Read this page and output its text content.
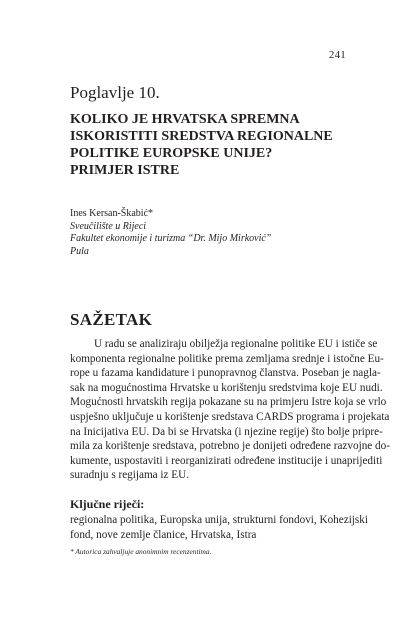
241
Poglavlje 10.
KOLIKO JE HRVATSKA SPREMNA
ISKORISTITI SREDSTVA REGIONALNE
POLITIKE EUROPSKE UNIJE?
PRIMJER ISTRE
Ines Kersan-Škabić*
Sveučilište u Rijeci
Fakultet ekonomije i turizma “Dr. Mijo Mirković”
Pula
SAŽETAK
U radu se analiziraju obilježja regionalne politike EU i ističe se
komponenta regionalne politike prema zemljama srednje i istočne Eu-
rope u fazama kandidature i punopravnog članstva. Poseban je nagla-
sak na mogućnostima Hrvatske u korištenju sredstvima koje EU nudi.
Mogućnosti hrvatskih regija pokazane su na primjeru Istre koja se vrlo
uspješno uključuje u korištenje sredstava CARDS programa i projekata
na Inicijativa EU. Da bi se Hrvatska (i njezine regije) što bolje pripre-
mila za korištenje sredstava, potrebno je donijeti određene razvojne do-
kumente, uspostaviti i reorganizirati određene institucije i unaprijediti
suradnju s regijama iz EU.
Ključne riječi:
regionalna politika, Europska unija, strukturni fondovi, Kohezijski
fond, nove zemlje članice, Hrvatska, Istra
* Autorica zahvaljuje anonimnim recenzentima.
